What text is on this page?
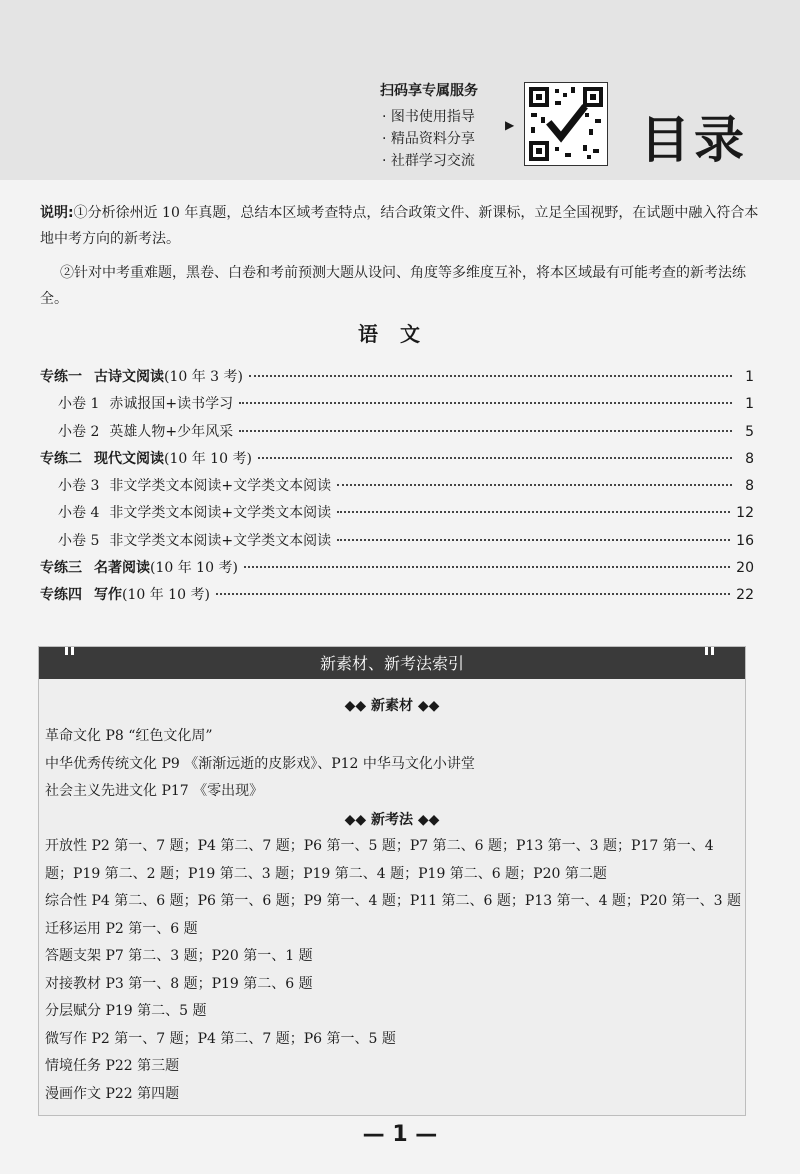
扫码享专属服务
· 图书使用指导
· 精品资料分享
· 社群学习交流
▶	目录

说明:①分析徐州近 10 年真题，总结本区域考查特点，结合政策文件、新课标，立足全国视野，在试题中融入符合本地中考方向的新考法。

②针对中考重难题，黑卷、白卷和考前预测大题从设问、角度等多维度互补，将本区域最有可能考查的新考法练全。

语文
专练一 古诗文阅读 (10 年 3 考)	1
小卷 1 赤诚报国+读书学习	1
小卷 2 英雄人物+少年风采	5
专练二 现代文阅读 (10 年 10 考)	8
小卷 3 非文学类文本阅读+文学类文本阅读	8
小卷 4 非文学类文本阅读+文学类文本阅读	12
小卷 5 非文学类文本阅读+文学类文本阅读	16
专练三 名著阅读 (10 年 10 考)	20
专练四 写作 (10 年 10 考)	22
新素材、新考法索引
◆◆ 新素材 ◆◆
革命文化 P8 “红色文化周”
中华优秀传统文化 P9 《渐渐远逝的皮影戏》、P12 中华马文化小讲堂
社会主义先进文化 P17 《零出现》
◆◆ 新考法 ◆◆
开放性 P2 第一、7 题；P4 第二、7 题；P6 第一、5 题；P7 第二、6 题；P13 第一、3 题；P17 第一、4 题；P19 第二、2 题；P19 第二、3 题；P19 第二、4 题；P19 第二、6 题；P20 第二题
综合性 P4 第二、6 题；P6 第一、6 题；P9 第一、4 题；P11 第二、6 题；P13 第一、4 题；P20 第一、3 题
迁移运用 P2 第一、6 题
答题支架 P7 第二、3 题；P20 第一、1 题
对接教材 P3 第一、8 题；P19 第二、6 题
分层赋分 P19 第二、5 题
微写作 P2 第一、7 题；P4 第二、7 题；P6 第一、5 题
情境任务 P22 第三题
漫画作文 P22 第四题
— 1 —
